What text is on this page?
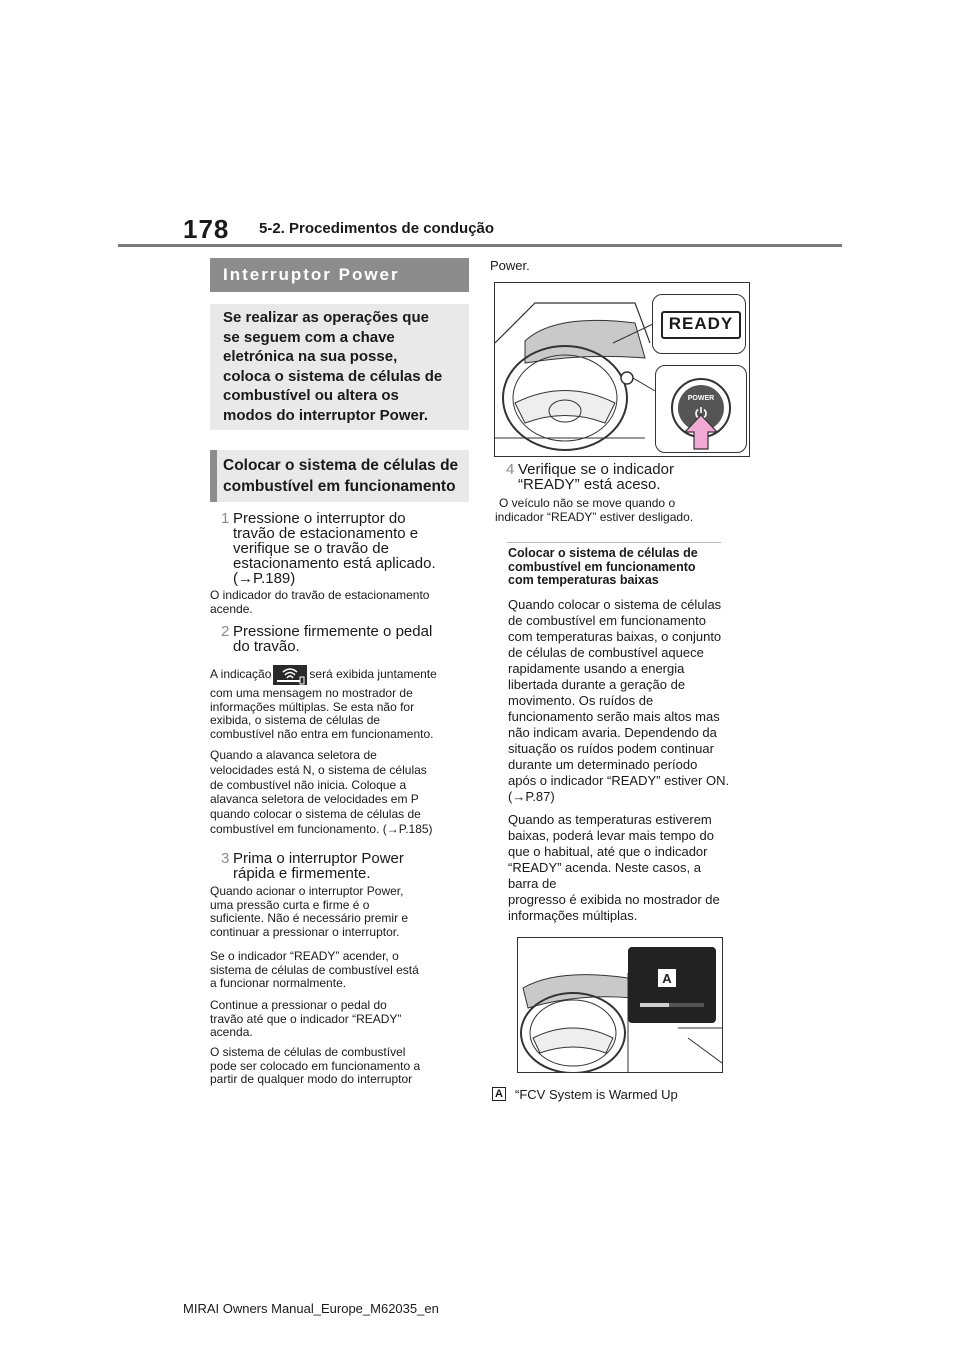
178 5-2. Procedimentos de condução
Interruptor Power
Se realizar as operações que
se seguem com a chave
eletrónica na sua posse,
coloca o sistema de células de
combustível ou altera os
modos do interruptor Power.
Colocar o sistema de células de
combustível em funcionamento
1 Pressione o interruptor do
travão de estacionamento e
verifique se o travão de
estacionamento está aplicado.
(→P.189)
O indicador do travão de estacionamento
acende.
2 Pressione firmemente o pedal
do travão.
A indicação	será exibida juntamente
com uma mensagem no mostrador de
informações múltiplas. Se esta não for
exibida, o sistema de células de
combustível não entra em funcionamento.
Quando a alavanca seletora de
velocidades está N, o sistema de células
de combustível não inicia. Coloque a
alavanca seletora de velocidades em P
quando colocar o sistema de células de
combustível em funcionamento. (→P.185)
3 Prima o interruptor Power
rápida e firmemente.
Quando acionar o interruptor Power,
uma pressão curta e firme é o
suficiente. Não é necessário premir e
continuar a pressionar o interruptor.
Se o indicador “READY” acender, o
sistema de células de combustível está
a funcionar normalmente.
Continue a pressionar o pedal do
travão até que o indicador “READY”
acenda.
O sistema de células de combustível
pode ser colocado em funcionamento a
partir de qualquer modo do interruptor
Power.
READY
POWER
4 Verifique se o indicador
“READY” está aceso.
O veículo não se move quando o
indicador “READY” estiver desligado.
Colocar o sistema de células de
combustível em funcionamento
com temperaturas baixas
Quando colocar o sistema de células
de combustível em funcionamento
com temperaturas baixas, o conjunto
de células de combustível aquece
rapidamente usando a energia
libertada durante a geração de
movimento. Os ruídos de
funcionamento serão mais altos mas
não indicam avaria. Dependendo da
situação os ruídos podem continuar
durante um determinado período
após o indicador “READY” estiver ON.
(→P.87)
Quando as temperaturas estiverem
baixas, poderá levar mais tempo do
que o habitual, até que o indicador
“READY” acenda. Neste casos, a
barra de
progresso é exibida no mostrador de
informações múltiplas.
A
A “FCV System is Warmed Up
MIRAI Owners Manual_Europe_M62035_en
